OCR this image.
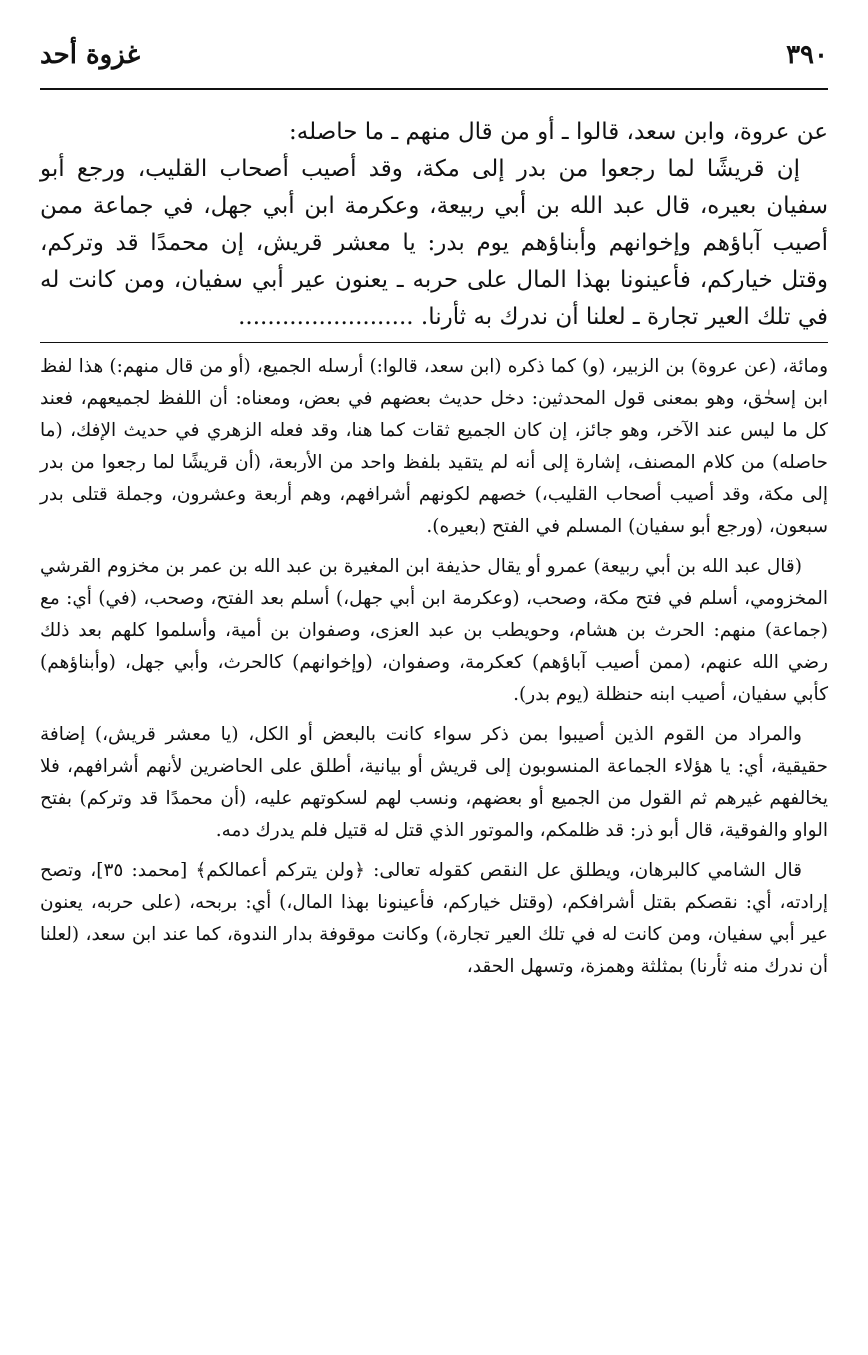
٣٩٠
غزوة أحد

عن عروة، وابن سعد، قالوا ـ أو من قال منهم ـ ما حاصله:

إن قريشًا لما رجعوا من بدر إلى مكة، وقد أصيب أصحاب القليب، ورجع أبو سفيان بعيره، قال عبد الله بن أبي ربيعة، وعكرمة ابن أبي جهل، في جماعة ممن أصيب آباؤهم وإخوانهم وأبناؤهم يوم بدر: يا معشر قريش، إن محمدًا قد وتركم، وقتل خياركم، فأعينونا بهذا المال على حربه ـ يعنون عير أبي سفيان، ومن كانت له في تلك العير تجارة ـ لعلنا أن ندرك به ثأرنا. ........................

ومائة، (عن عروة) بن الزبير، (و) كما ذكره (ابن سعد، قالوا:) أرسله الجميع، (أو من قال منهم:) هذا لفظ ابن إسحٰق، وهو بمعنى قول المحدثين: دخل حديث بعضهم في بعض، ومعناه: أن اللفظ لجميعهم، فعند كل ما ليس عند الآخر، وهو جائز، إن كان الجميع ثقات كما هنا، وقد فعله الزهري في حديث الإفك، (ما حاصله) من كلام المصنف، إشارة إلى أنه لم يتقيد بلفظ واحد من الأربعة، (أن قريشًا لما رجعوا من بدر إلى مكة، وقد أصيب أصحاب القليب،) خصهم لكونهم أشرافهم، وهم أربعة وعشرون، وجملة قتلى بدر سبعون، (ورجع أبو سفيان) المسلم في الفتح (بعيره).

(قال عبد الله بن أبي ربيعة) عمرو أو يقال حذيفة ابن المغيرة بن عبد الله بن عمر بن مخزوم القرشي المخزومي، أسلم في فتح مكة، وصحب، (وعكرمة ابن أبي جهل،) أسلم بعد الفتح، وصحب، (في) أي: مع (جماعة) منهم: الحرث بن هشام، وحويطب بن عبد العزى، وصفوان بن أمية، وأسلموا كلهم بعد ذلك رضي الله عنهم، (ممن أصيب آباؤهم) كعكرمة، وصفوان، (وإخوانهم) كالحرث، وأبي جهل، (وأبناؤهم) كأبي سفيان، أصيب ابنه حنظلة (يوم بدر).

والمراد من القوم الذين أصيبوا بمن ذكر سواء كانت بالبعض أو الكل، (يا معشر قريش،) إضافة حقيقية، أي: يا هؤلاء الجماعة المنسوبون إلى قريش أو بيانية، أطلق على الحاضرين لأنهم أشرافهم، فلا يخالفهم غيرهم ثم القول من الجميع أو بعضهم، ونسب لهم لسكوتهم عليه، (أن محمدًا قد وتركم) بفتح الواو والفوقية، قال أبو ذر: قد ظلمكم، والموتور الذي قتل له قتيل فلم يدرك دمه.

قال الشامي كالبرهان، ويطلق عل النقص كقوله تعالى: ﴿ولن يتركم أعمالكم﴾ [محمد: ٣٥]، وتصح إرادته، أي: نقصكم بقتل أشرافكم، (وقتل خياركم، فأعينونا بهذا المال،) أي: بربحه، (على حربه، يعنون عير أبي سفيان، ومن كانت له في تلك العير تجارة،) وكانت موقوفة بدار الندوة، كما عند ابن سعد، (لعلنا أن ندرك منه ثأرنا) بمثلثة وهمزة، وتسهل الحقد،
